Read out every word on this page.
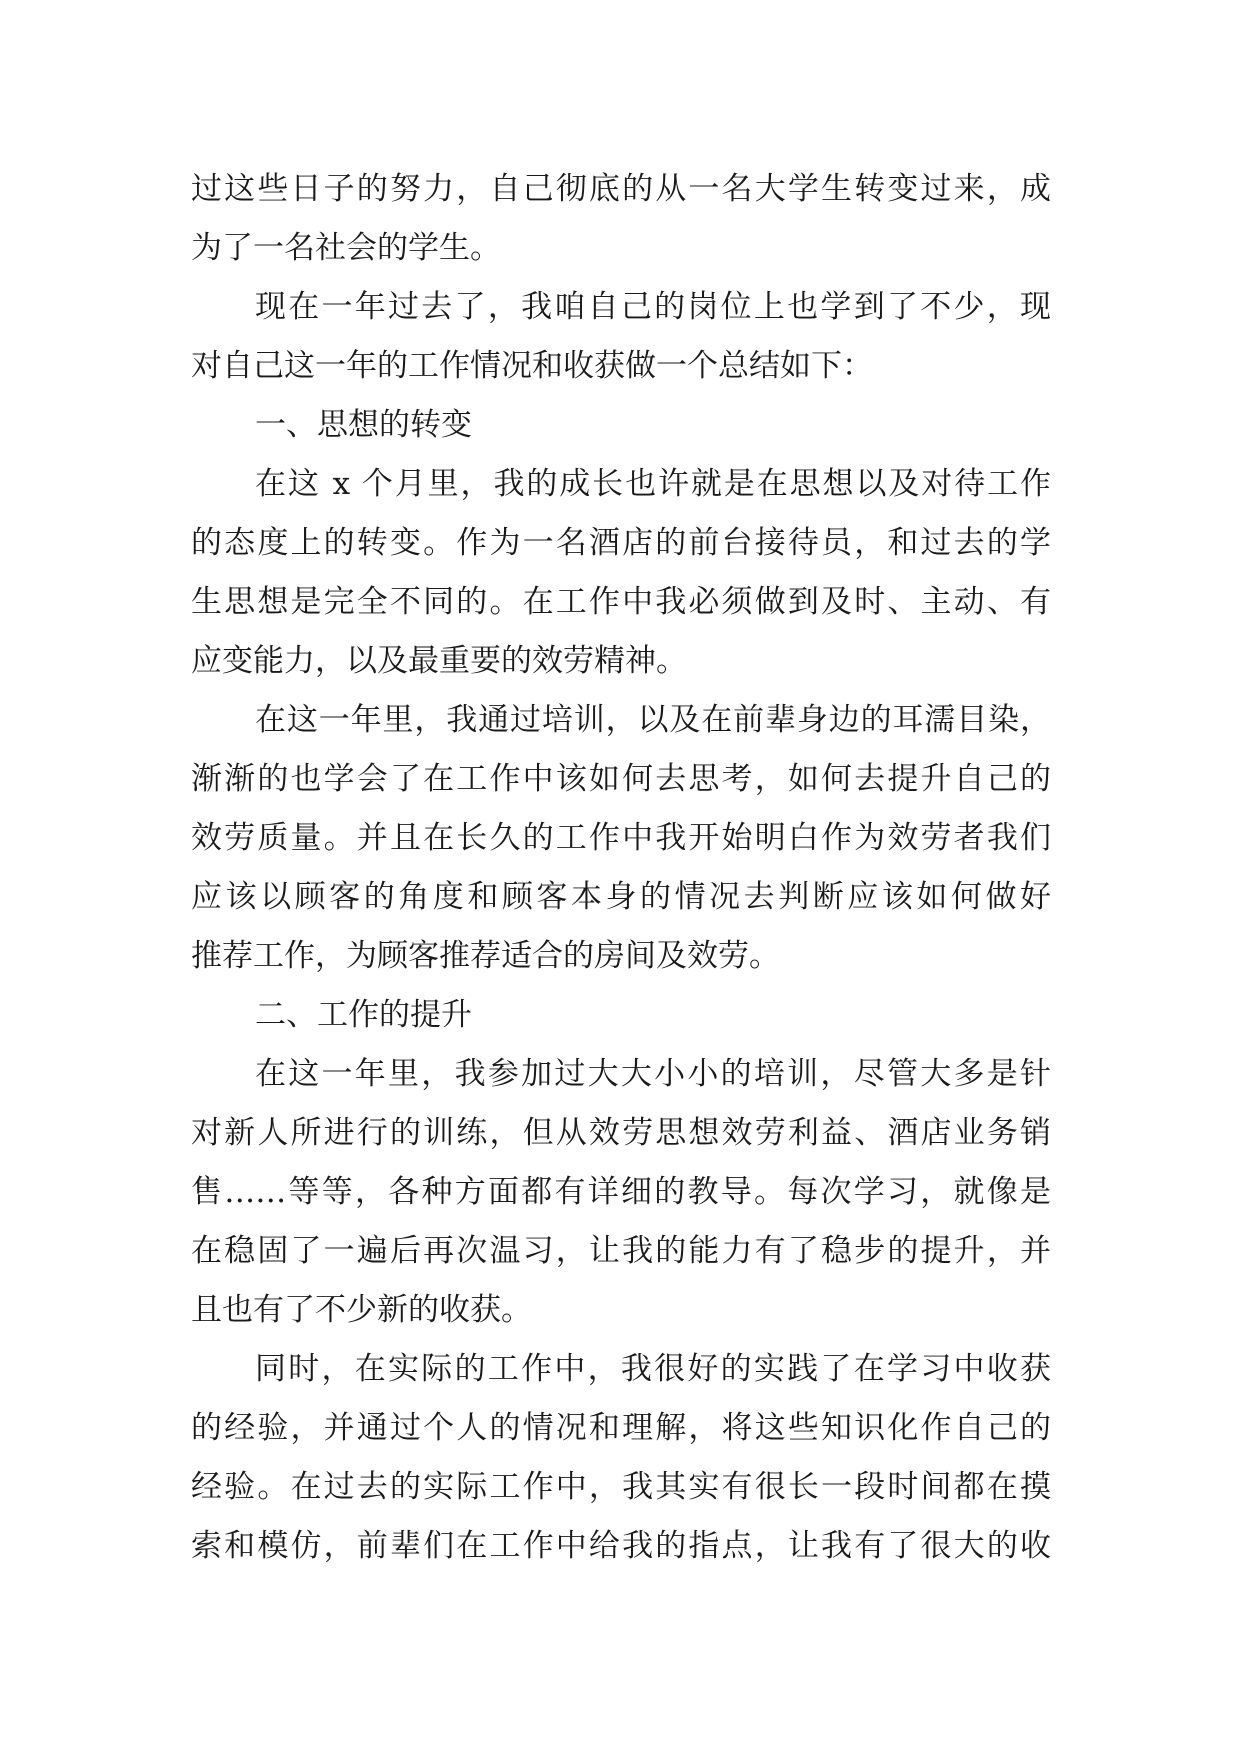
过这些日子的努力，自己彻底的从一名大学生转变过来，成
为了一名社会的学生。
现在一年过去了，我咱自己的岗位上也学到了不少，现
对自己这一年的工作情况和收获做一个总结如下：
一、思想的转变
在这 x 个月里，我的成长也许就是在思想以及对待工作
的态度上的转变。作为一名酒店的前台接待员，和过去的学
生思想是完全不同的。在工作中我必须做到及时、主动、有
应变能力，以及最重要的效劳精神。
在这一年里，我通过培训，以及在前辈身边的耳濡目染，
渐渐的也学会了在工作中该如何去思考，如何去提升自己的
效劳质量。并且在长久的工作中我开始明白作为效劳者我们
应该以顾客的角度和顾客本身的情况去判断应该如何做好
推荐工作，为顾客推荐适合的房间及效劳。
二、工作的提升
在这一年里，我参加过大大小小的培训，尽管大多是针
对新人所进行的训练，但从效劳思想效劳利益、酒店业务销
售……等等，各种方面都有详细的教导。每次学习，就像是
在稳固了一遍后再次温习，让我的能力有了稳步的提升，并
且也有了不少新的收获。
同时，在实际的工作中，我很好的实践了在学习中收获
的经验，并通过个人的情况和理解，将这些知识化作自己的
经验。在过去的实际工作中，我其实有很长一段时间都在摸
索和模仿，前辈们在工作中给我的指点，让我有了很大的收
